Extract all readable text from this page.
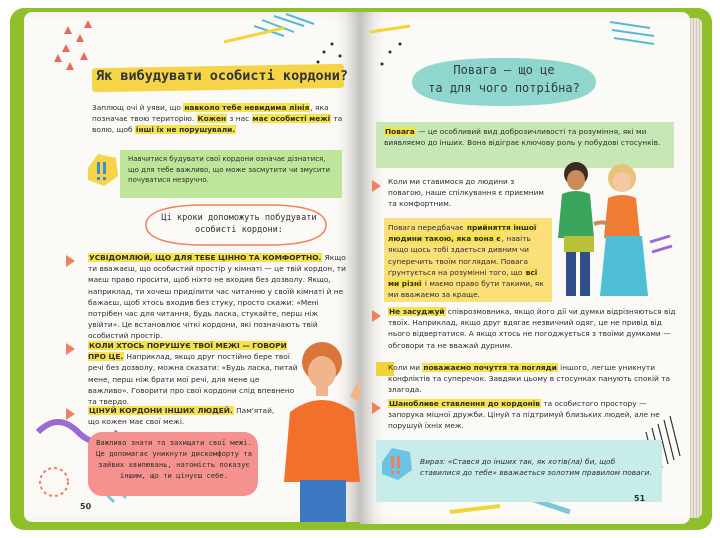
Як вибудувати особисті кордони?
Заплющ очі й уяви, що навколо тебе невидима лінія, яка позначає твою територію. Кожен з нас має особисті межі та волю, щоб інші їх не порушували.
Навчитися будувати свої кордони означає дізнатися, що для тебе важливо, що може засмутити чи змусити почуватися незручно.
Ці кроки допоможуть побудувати особисті кордони:
УСВІДОМЛЮЙ, ЩО ДЛЯ ТЕБЕ ЦІННО ТА КОМФОРТНО. Якщо ти вважаєш, що особистий простір у кімнаті — це твій кордон, ти маєш право просити, щоб ніхто не входив без дозволу. Якщо, наприклад, ти хочеш приділити час читанню у своїй кімнаті й не бажаєш, щоб хтось входив без стуку, просто скажи: «Мені потрібен час для читання, будь ласка, стукайте, перш ніж увійти». Це встановлює чіткі кордони, які позначають твій особистий простір.
КОЛИ ХТОСЬ ПОРУШУЄ ТВОЇ МЕЖІ — ГОВОРИ ПРО ЦЕ. Наприклад, якщо друг постійно бере твої речі без дозволу, можна сказати: «Будь ласка, питай мене, перш ніж брати мої речі, для мене це важливо». Говорити про свої кордони слід впевнено та твердо.
ЦІНУЙ КОРДОНИ ІНШИХ ЛЮДЕЙ. Пам'ятай, що кожен має свої межі.
Важливо знати та захищати свої межі. Це допомагає уникнути дискомфорту та зайвих хвилювань, натомість показує іншим, що ти цінуєш себе.
50
Повага — що це
та для чого потрібна?
Повага — це особливий вид доброзичливості та розуміння, які ми виявляємо до інших. Вона відіграє ключову роль у побудові стосунків.
Коли ми ставимося до людини з повагою, наше спілкування є приємним та комфортним.
Повага передбачає прийняття іншої людини такою, яка вона є, навіть якщо щось тобі здається дивним чи суперечить твоїм поглядам. Повага ґрунтується на розумінні того, що всі ми різні і маємо право бути такими, як ми вважаємо за краще.
Не засуджуй співрозмовника, якщо його дії чи думки відрізняються від твоїх. Наприклад, якщо друг вдягає незвичний одяг, це не привід від нього відвертатися. А якщо хтось не погоджується з твоїми думками — обговори та не вважай дурним.
Коли ми поважаємо почуття та погляди іншого, легше уникнути конфліктів та суперечок. Завдяки цьому в стосунках панують спокій та злагода.
Шанобливе ставлення до кордонів та особистого простору — запорука міцної дружби. Цінуй та підтримуй близьких людей, але не порушуй їхніх меж.
Вираз: «Стався до інших так, як хотів(ла) би, щоб ставилися до тебе» вважається золотим правилом поваги.
51
